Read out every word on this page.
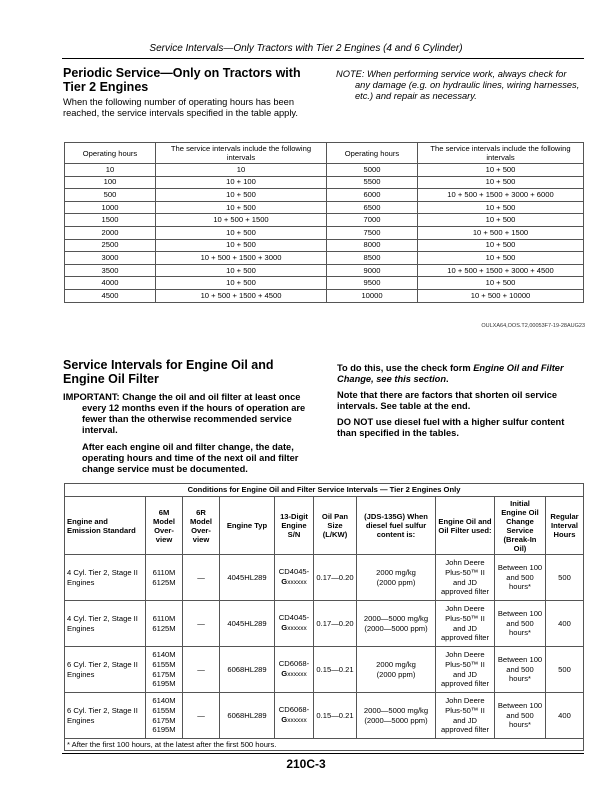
Service Intervals—Only Tractors with Tier 2 Engines (4 and 6 Cylinder)
Periodic Service—Only on Tractors with Tier 2 Engines
When the following number of operating hours has been reached, the service intervals specified in the table apply.
NOTE: When performing service work, always check for
any damage (e.g. on hydraulic lines, wiring harnesses, etc.) and repair as necessary.
Operating hours	The service intervals include the following intervals	Operating hours	The service intervals include the following intervals
10	10	5000	10 + 500
100	10 + 100	5500	10 + 500
500	10 + 500	6000	10 + 500 + 1500 + 3000 + 6000
1000	10 + 500	6500	10 + 500
1500	10 + 500 + 1500	7000	10 + 500
2000	10 + 500	7500	10 + 500 + 1500
2500	10 + 500	8000	10 + 500
3000	10 + 500 + 1500 + 3000	8500	10 + 500
3500	10 + 500	9000	10 + 500 + 1500 + 3000 + 4500
4000	10 + 500	9500	10 + 500
4500	10 + 500 + 1500 + 4500	10000	10 + 500 + 10000
OULXA64,OOS.T2,00053F7-19-28AUG23
Service Intervals for Engine Oil and Engine Oil Filter
IMPORTANT: Change the oil and oil filter at least once every 12 months even if the hours of operation are fewer than the otherwise recommended service interval.
After each engine oil and filter change, the date, operating hours and time of the next oil and filter change service must be documented.
To do this, use the check form Engine Oil and Filter Change, see this section.
Note that there are factors that shorten oil service intervals. See table at the end.
DO NOT use diesel fuel with a higher sulfur content than specified in the tables.
Conditions for Engine Oil and Filter Service Intervals — Tier 2 Engines Only									
Engine and Emission Standard	6M Model Over-view	6R Model Over-view	Engine Typ	13-Digit Engine S/N	Oil Pan Size (L/KW)	(JDS-135G) When diesel fuel sulfur content is:	Engine Oil and Oil Filter used:	Initial Engine Oil Change Service (Break-In Oil)	Regular Interval Hours
4 Cyl. Tier 2, Stage II Engines	6110M 6125M	—	4045HL289	CD4045-
Gxxxxxx	0.17—0.20	2000 mg/kg
(2000 ppm)	John Deere Plus-50™ II and JD approved filter	Between 100 and 500 hours*	500
4 Cyl. Tier 2, Stage II Engines	6110M 6125M	—	4045HL289	CD4045-
Gxxxxxx	0.17—0.20	2000—5000 mg/kg
(2000—5000 ppm)	John Deere Plus-50™ II and JD approved filter	Between 100 and 500 hours*	400
6 Cyl. Tier 2, Stage II Engines	6140M 6155M 6175M 6195M	—	6068HL289	CD6068-
Gxxxxxx	0.15—0.21	2000 mg/kg
(2000 ppm)	John Deere Plus-50™ II and JD approved filter	Between 100 and 500 hours*	500
6 Cyl. Tier 2, Stage II Engines	6140M 6155M 6175M 6195M	—	6068HL289	CD6068-
Gxxxxxx	0.15—0.21	2000—5000 mg/kg
(2000—5000 ppm)	John Deere Plus-50™ II and JD approved filter	Between 100 and 500 hours*	400
* After the first 100 hours, at the latest after the first 500 hours.									
210C-3
